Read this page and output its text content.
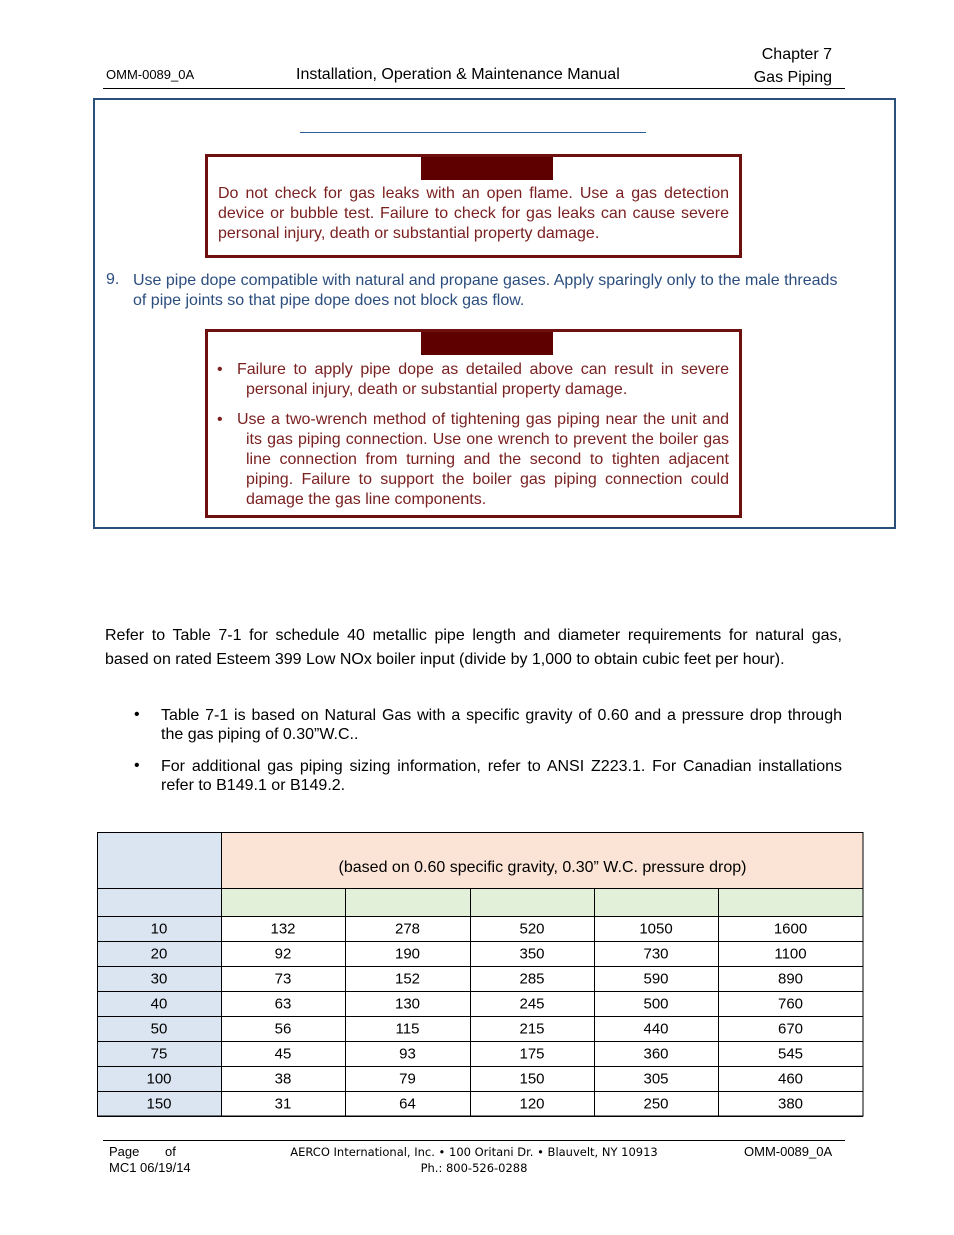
OMM-0089_0A	Installation, Operation & Maintenance Manual
Chapter 7
Gas Piping
Do not check for gas leaks with an open flame. Use a gas detection device or bubble test. Failure to check for gas leaks can cause severe personal injury, death or substantial property damage.
9. Use pipe dope compatible with natural and propane gases. Apply sparingly only to the male threads of pipe joints so that pipe dope does not block gas flow.
• Failure to apply pipe dope as detailed above can result in severe personal injury, death or substantial property damage.
• Use a two-wrench method of tightening gas piping near the unit and its gas piping connection. Use one wrench to prevent the boiler gas line connection from turning and the second to tighten adjacent piping. Failure to support the boiler gas piping connection could damage the gas line components.
Refer to Table 7-1 for schedule 40 metallic pipe length and diameter requirements for natural gas, based on rated Esteem 399 Low NOx boiler input (divide by 1,000 to obtain cubic feet per hour).
• Table 7-1 is based on Natural Gas with a specific gravity of 0.60 and a pressure drop through the gas piping of 0.30”W.C..
• For additional gas piping sizing information, refer to ANSI Z223.1. For Canadian installations refer to B149.1 or B149.2.
10	132	278	520	1050	1600
20	92	190	350	730	1100
30	73	152	285	590	890
40	63	130	245	500	760
50	56	115	215	440	670
75	45	93	175	360	545
100	38	79	150	305	460
150	31	64	120	250	380
(based on 0.60 specific gravity, 0.30” W.C. pressure drop)
Page of
MC1 06/19/14
AERCO International, Inc. • 100 Oritani Dr. • Blauvelt, NY 10913
Ph.: 800-526-0288
OMM-0089_0A
